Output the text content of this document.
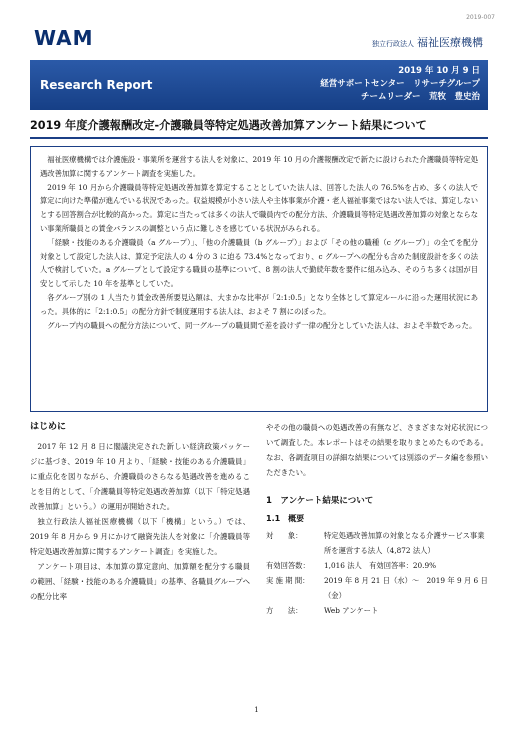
2019-007
WAM	独立行政法人 福祉医療機構
Research Report
2019 年 10 月 9 日
経営サポートセンター　リサーチグループ
チームリーダー　荒牧　豊史治
2019 年度介護報酬改定-介護職員等特定処遇改善加算アンケート結果について

福祉医療機構では介護施設・事業所を運営する法人を対象に、2019 年 10 月の介護報酬改定で新たに設けられた介護職員等特定処遇改善加算に関するアンケート調査を実施した。

2019 年 10 月から介護職員等特定処遇改善加算を算定することとしていた法人は、回答した法人の 76.5%を占め、多くの法人で算定に向けた準備が進んでいる状況であった。収益規模が小さい法人や主体事業が介護・老人福祉事業ではない法人では、算定しないとする回答割合が比較的高かった。算定に当たっては多くの法人で職員内での配分方法、介護職員等特定処遇改善加算の対象とならない事業所職員との賃金バランスの調整という点に難しさを感じている状況がみられる。

「経験・技能のある介護職員（a グループ）」、「他の介護職員（b グループ）」および「その他の職種（c グループ）」の全てを配分対象として設定した法人は、算定予定法人の 4 分の 3 に迫る 73.4%となっており、c グループへの配分も含めた制度設計を多くの法人で検討していた。a グループとして設定する職員の基準について、8 割の法人で勤続年数を要件に組み込み、そのうち多くは国が目安として示した 10 年を基準としていた。

各グループ別の 1 人当たり賃金改善所要見込額は、大まかな比率が「2:1:0.5」となり全体として算定ルールに沿った運用状況にあった。具体的に「2:1:0.5」の配分方針で制度運用する法人は、およそ 7 割にのぼった。

グループ内の職員への配分方法について、同一グループの職員間で差を設けず一律の配分としていた法人は、およそ半数であった。

はじめに

2017 年 12 月 8 日に閣議決定された新しい経済政策パッケージに基づき、2019 年 10 月より、「経験・技能のある介護職員」に重点化を図りながら、介護職員のさらなる処遇改善を進めることを目的として、「介護職員等特定処遇改善加算（以下「特定処遇改善加算」という。）の運用が開始された。

独立行政法人福祉医療機構（以下「機構」という。）では、2019 年 8 月から 9 月にかけて融資先法人を対象に「介護職員等特定処遇改善加算に関するアンケート調査」を実施した。

アンケート項目は、本加算の算定意向、加算額を配分する職員の範囲、「経験・技能のある介護職員」の基準、各職員グループへの配分比率

やその他の職員への処遇改善の有無など、さまざまな対応状況について調査した。本レポートはその結果を取りまとめたものである。なお、各調査項目の詳細な結果については別添のデータ編を参照いただきたい。

1　アンケート結果について
1.1　概要
対　　象：	特定処遇改善加算の対象となる介護サービス事業所を運営する法人（4,872 法人）
有効回答数：	1,016 法人　有効回答率：20.9%
実 施 期 間：	2019 年 8 月 21 日（水）～　2019 年 9 月 6 日（金）
方　　法：	Web アンケート
1
